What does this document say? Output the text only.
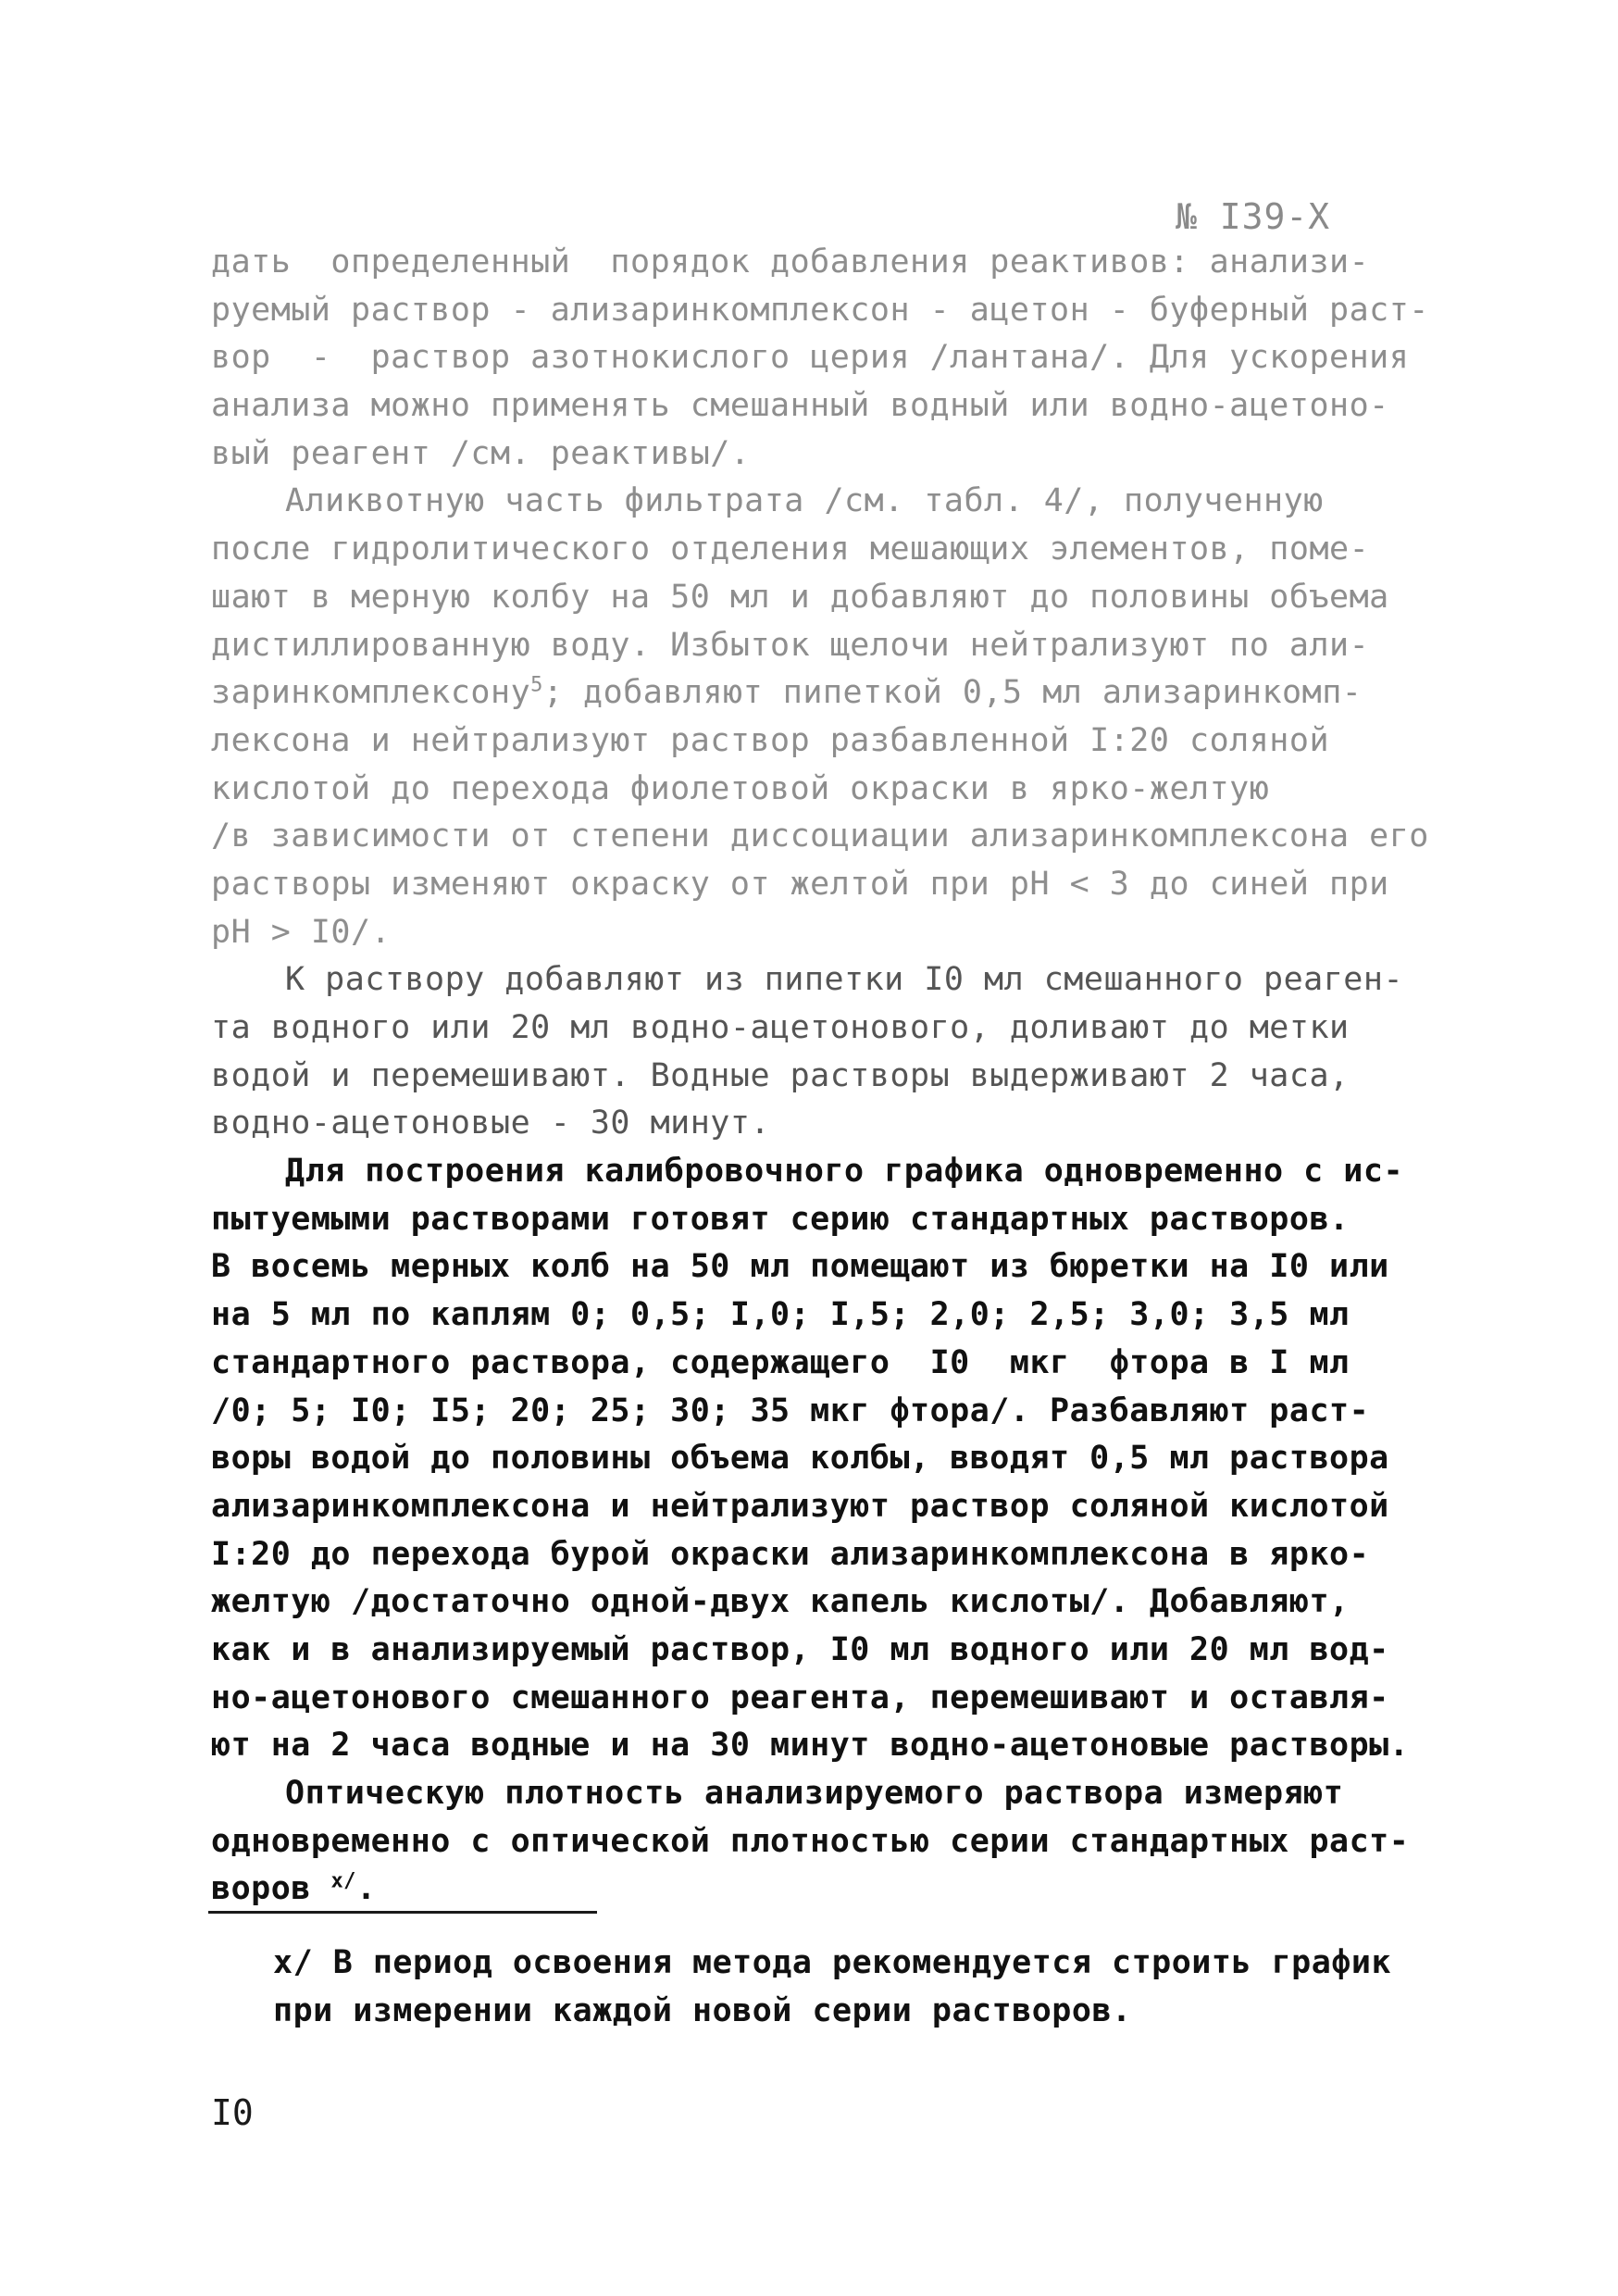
№ I39-Х
дать  определенный  порядок добавления реактивов: анализи-
руемый раствор - ализаринкомплексон - ацетон - буферный раст-
вор  -  раствор азотнокислого церия /лантана/. Для ускорения
анализа можно применять смешанный водный или водно-ацетоно-
вый реагент /см. реактивы/.
Аликвотную часть фильтрата /см. табл. 4/, полученную
после гидролитического отделения мешающих элементов, поме-
шают в мерную колбу на 50 мл и добавляют до половины объема
дистиллированную воду. Избыток щелочи нейтрализуют по али-
заринкомплексону$^5$; добавляют пипеткой 0,5 мл ализаринкомп-
лексона и нейтрализуют раствор разбавленной I:20 соляной
кислотой до перехода фиолетовой окраски в ярко-желтую
/в зависимости от степени диссоциации ализаринкомплексона его
растворы изменяют окраску от желтой при pH < 3 до синей при
pH > I0/.
К раствору добавляют из пипетки I0 мл смешанного реаген-
та водного или 20 мл водно-ацетонового, доливают до метки
водой и перемешивают. Водные растворы выдерживают 2 часа,
водно-ацетоновые - 30 минут.
Для построения калибровочного графика одновременно с ис-
пытуемыми растворами готовят серию стандартных растворов.
В восемь мерных колб на 50 мл помещают из бюретки на I0 или
на 5 мл по каплям 0; 0,5; I,0; I,5; 2,0; 2,5; 3,0; 3,5 мл
стандартного раствора, содержащего  I0  мкг  фтора в I мл
/0; 5; I0; I5; 20; 25; 30; 35 мкг фтора/. Разбавляют раст-
воры водой до половины объема колбы, вводят 0,5 мл раствора
ализаринкомплексона и нейтрализуют раствор соляной кислотой
I:20 до перехода бурой окраски ализаринкомплексона в ярко-
желтую /достаточно одной-двух капель кислоты/. Добавляют,
как и в анализируемый раствор, I0 мл водного или 20 мл вод-
но-ацетонового смешанного реагента, перемешивают и оставля-
ют на 2 часа водные и на 30 минут водно-ацетоновые растворы.
Оптическую плотность анализируемого раствора измеряют
одновременно с оптической плотностью серии стандартных раст-
воров $^{х/}$.
х/ В период освоения метода рекомендуется строить график
при измерении каждой новой серии растворов.
I0
